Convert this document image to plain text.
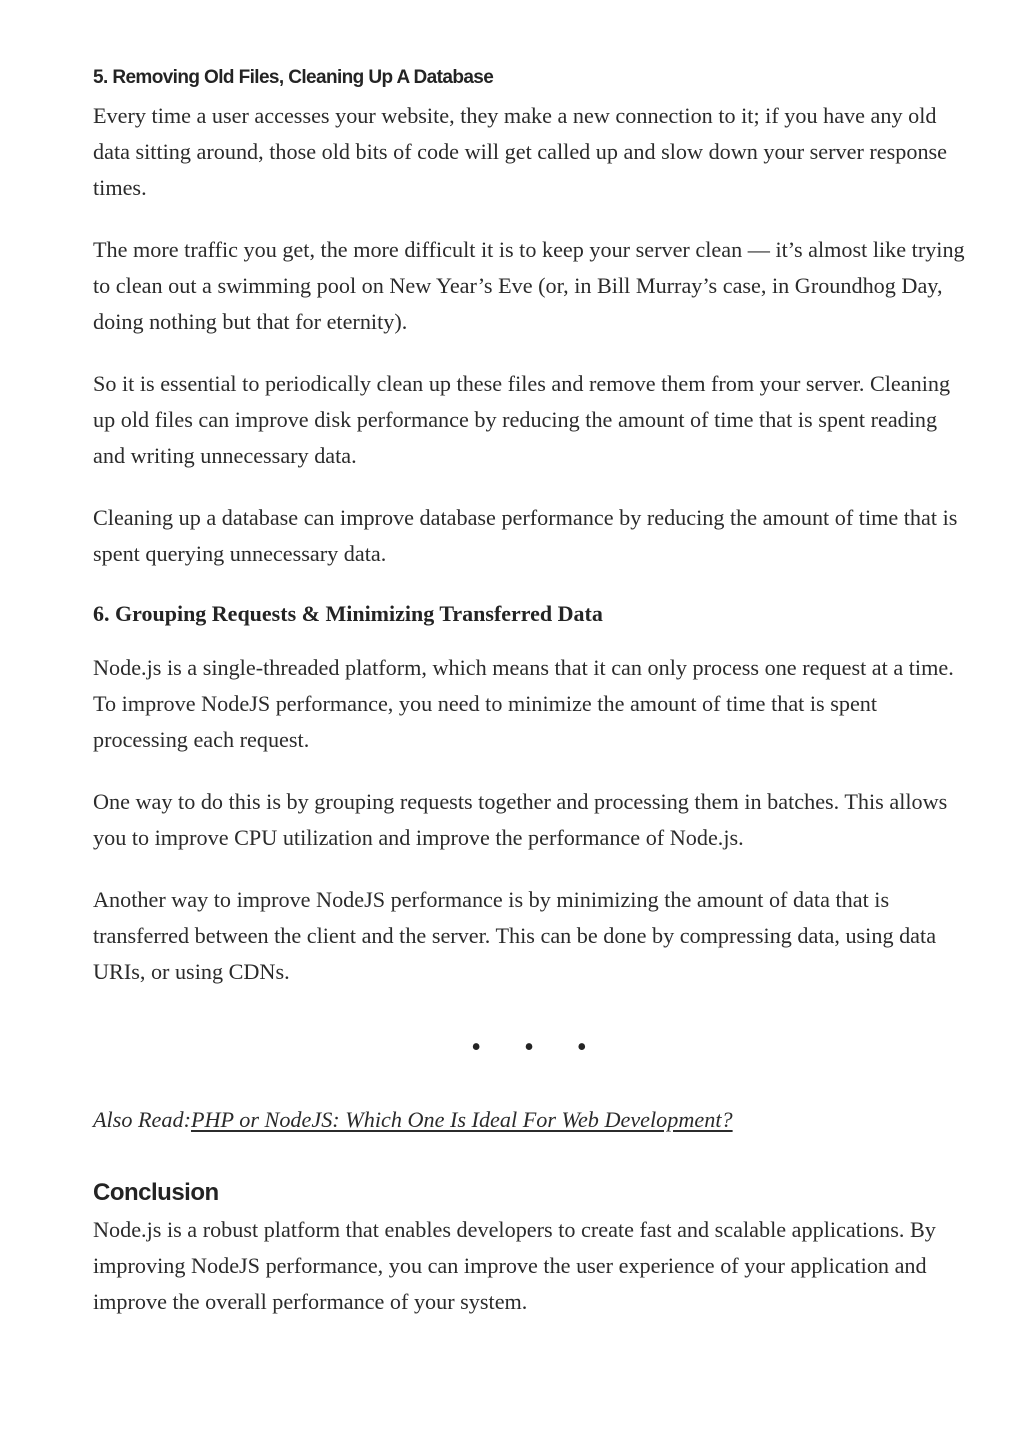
5. Removing Old Files, Cleaning Up A Database

Every time a user accesses your website, they make a new connection to it; if you have any old data sitting around, those old bits of code will get called up and slow down your server response times.

The more traffic you get, the more difficult it is to keep your server clean — it’s almost like trying to clean out a swimming pool on New Year’s Eve (or, in Bill Murray’s case, in Groundhog Day, doing nothing but that for eternity).

So it is essential to periodically clean up these files and remove them from your server. Cleaning up old files can improve disk performance by reducing the amount of time that is spent reading and writing unnecessary data.

Cleaning up a database can improve database performance by reducing the amount of time that is spent querying unnecessary data.

6. Grouping Requests & Minimizing Transferred Data

Node.js is a single-threaded platform, which means that it can only process one request at a time. To improve NodeJS performance, you need to minimize the amount of time that is spent processing each request.

One way to do this is by grouping requests together and processing them in batches. This allows you to improve CPU utilization and improve the performance of Node.js.

Another way to improve NodeJS performance is by minimizing the amount of data that is transferred between the client and the server. This can be done by compressing data, using data URIs, or using CDNs.

• • •
Also Read:PHP or NodeJS: Which One Is Ideal For Web Development?
Conclusion

Node.js is a robust platform that enables developers to create fast and scalable applications. By improving NodeJS performance, you can improve the user experience of your application and improve the overall performance of your system.
